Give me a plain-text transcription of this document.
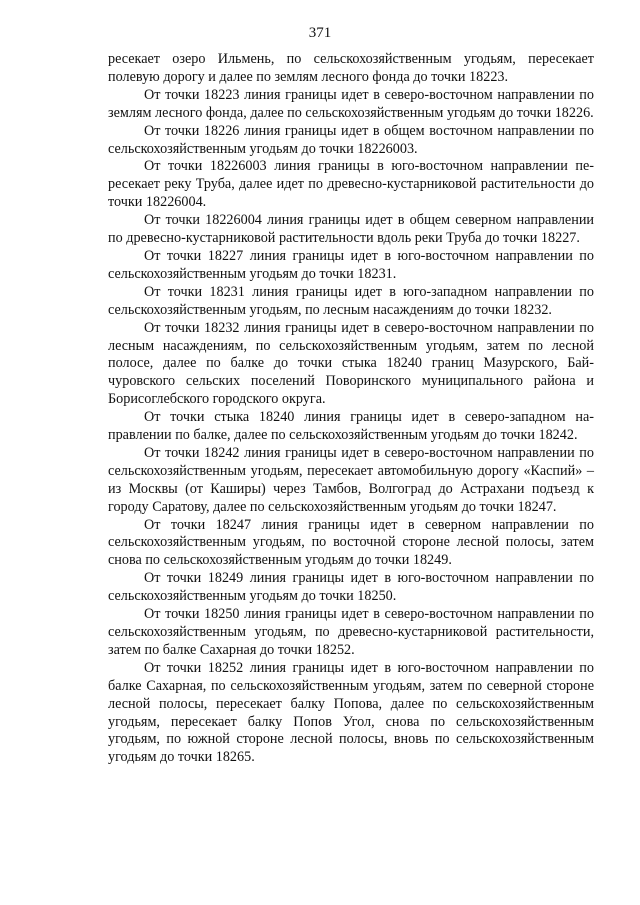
371

ресекает озеро Ильмень, по сельскохозяйственным угодьям, пересекает полевую дорогу и далее по землям лесного фонда до точки 18223.

От точки 18223 линия границы идет в северо-восточном направлении по землям лесного фонда, далее по сельскохозяйственным угодьям до точки 18226.

От точки 18226 линия границы идет в общем восточном направлении по сельскохозяйственным угодьям до точки 18226003.

От точки 18226003 линия границы в юго-восточном направлении пересекает реку Труба, далее идет по древесно-кустарниковой растительности до точки 18226004.

От точки 18226004 линия границы идет в общем северном направлении по древесно-кустарниковой растительности вдоль реки Труба до точки 18227.

От точки 18227 линия границы идет в юго-восточном направлении по сельскохозяйственным угодьям до точки 18231.

От точки 18231 линия границы идет в юго-западном направлении по сельскохозяйственным угодьям, по лесным насаждениям до точки 18232.

От точки 18232 линия границы идет в северо-восточном направлении по лесным насаждениям, по сельскохозяйственным угодьям, затем по лесной полосе, далее по балке до точки стыка 18240 границ Мазурского, Байчуровского сельских поселений Поворинского муниципального района и Борисоглебского городского округа.

От точки стыка 18240 линия границы идет в северо-западном направлении по балке, далее по сельскохозяйственным угодьям до точки 18242.

От точки 18242 линия границы идет в северо-восточном направлении по сельскохозяйственным угодьям, пересекает автомобильную дорогу «Каспий» – из Москвы (от Каширы) через Тамбов, Волгоград до Астрахани подъезд к городу Саратову, далее по сельскохозяйственным угодьям до точки 18247.

От точки 18247 линия границы идет в северном направлении по сельскохозяйственным угодьям, по восточной стороне лесной полосы, затем снова по сельскохозяйственным угодьям до точки 18249.

От точки 18249 линия границы идет в юго-восточном направлении по сельскохозяйственным угодьям до точки 18250.

От точки 18250 линия границы идет в северо-восточном направлении по сельскохозяйственным угодьям, по древесно-кустарниковой растительности, затем по балке Сахарная до точки 18252.

От точки 18252 линия границы идет в юго-восточном направлении по балке Сахарная, по сельскохозяйственным угодьям, затем по северной стороне лесной полосы, пересекает балку Попова, далее по сельскохозяйственным угодьям, пересекает балку Попов Угол, снова по сельскохозяйственным угодьям, по южной стороне лесной полосы, вновь по сельскохозяйственным угодьям до точки 18265.
